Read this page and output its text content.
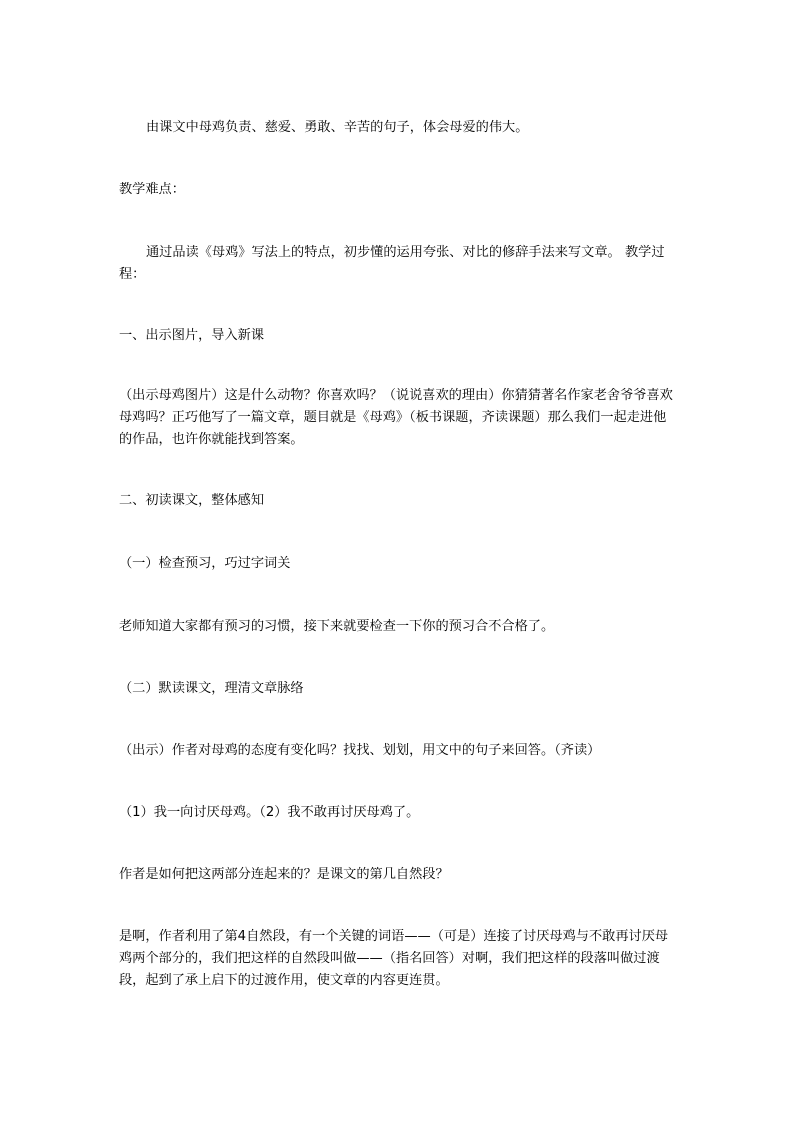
由课文中母鸡负责、慈爱、勇敢、辛苦的句子，体会母爱的伟大。

教学难点：

通过品读《母鸡》写法上的特点，初步懂的运用夸张、对比的修辞手法来写文章。 教学过程：

一、出示图片，导入新课

（出示母鸡图片）这是什么动物？你喜欢吗？（说说喜欢的理由）你猜猜著名作家老舍爷爷喜欢母鸡吗？正巧他写了一篇文章，题目就是《母鸡》（板书课题，齐读课题）那么我们一起走进他的作品，也许你就能找到答案。

二、初读课文，整体感知

（一）检查预习，巧过字词关

老师知道大家都有预习的习惯，接下来就要检查一下你的预习合不合格了。

（二）默读课文，理清文章脉络

（出示）作者对母鸡的态度有变化吗？找找、划划，用文中的句子来回答。（齐读）

（1）我一向讨厌母鸡。（2）我不敢再讨厌母鸡了。

作者是如何把这两部分连起来的？是课文的第几自然段？

是啊，作者利用了第4自然段，有一个关键的词语——（可是）连接了讨厌母鸡与不敢再讨厌母鸡两个部分的，我们把这样的自然段叫做——（指名回答）对啊，我们把这样的段落叫做过渡段，起到了承上启下的过渡作用，使文章的内容更连贯。
